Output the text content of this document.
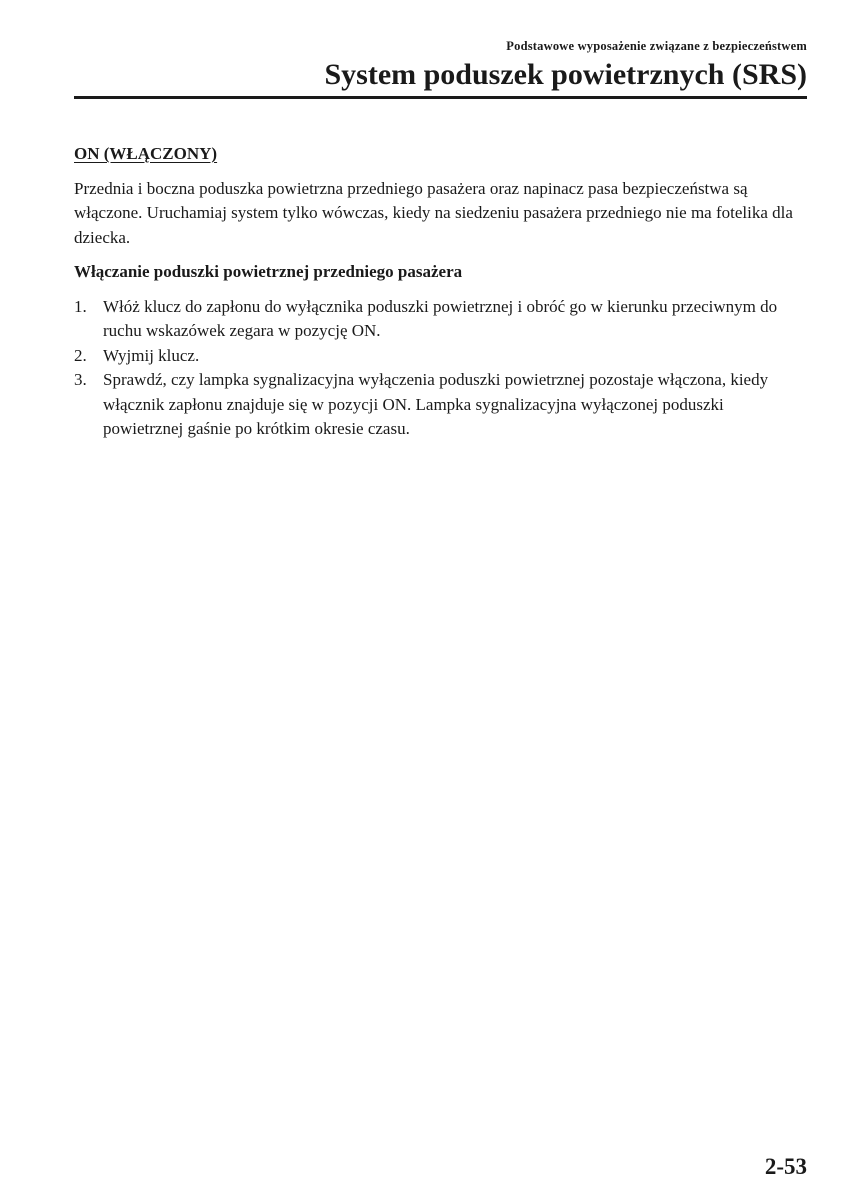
Podstawowe wyposażenie związane z bezpieczeństwem
System poduszek powietrznych (SRS)
ON (WŁĄCZONY)

Przednia i boczna poduszka powietrzna przedniego pasażera oraz napinacz pasa bezpieczeństwa są włączone. Uruchamiaj system tylko wówczas, kiedy na siedzeniu pasażera przedniego nie ma fotelika dla dziecka.

Włączanie poduszki powietrznej przedniego pasażera
1. Włóż klucz do zapłonu do wyłącznika poduszki powietrznej i obróć go w kierunku przeciwnym do ruchu wskazówek zegara w pozycję ON.
2. Wyjmij klucz.
3. Sprawdź, czy lampka sygnalizacyjna wyłączenia poduszki powietrznej pozostaje włączona, kiedy włącznik zapłonu znajduje się w pozycji ON. Lampka sygnalizacyjna wyłączonej poduszki powietrznej gaśnie po krótkim okresie czasu.
2-53
